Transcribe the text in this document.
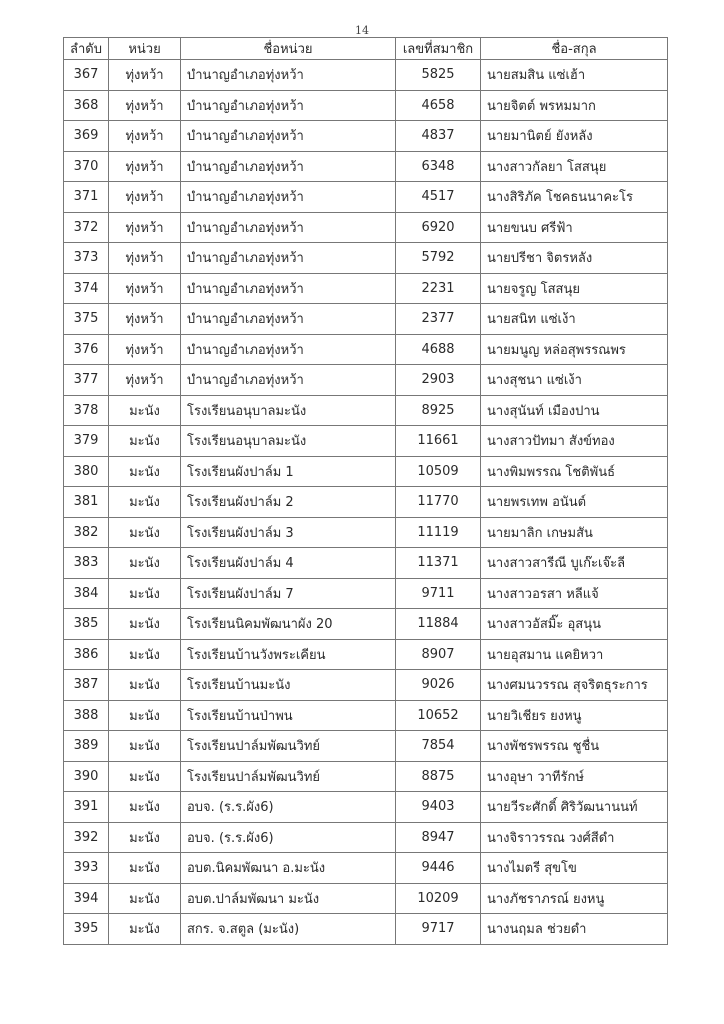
14
ลำดับ	หน่วย	ชื่อหน่วย	เลขที่สมาชิก	ชื่อ-สกุล
367	ทุ่งหว้า	บำนาญอำเภอทุ่งหว้า	5825	นายสมสิน แซ่เฮ้า
368	ทุ่งหว้า	บำนาญอำเภอทุ่งหว้า	4658	นายจิตต์ พรหมมาก
369	ทุ่งหว้า	บำนาญอำเภอทุ่งหว้า	4837	นายมานิตย์ ยังหลัง
370	ทุ่งหว้า	บำนาญอำเภอทุ่งหว้า	6348	นางสาวกัลยา โสสนุย
371	ทุ่งหว้า	บำนาญอำเภอทุ่งหว้า	4517	นางสิริภัค โชคธนนาคะโร
372	ทุ่งหว้า	บำนาญอำเภอทุ่งหว้า	6920	นายขนบ ศรีฟ้า
373	ทุ่งหว้า	บำนาญอำเภอทุ่งหว้า	5792	นายปรีชา จิตรหลัง
374	ทุ่งหว้า	บำนาญอำเภอทุ่งหว้า	2231	นายจรูญ โสสนุย
375	ทุ่งหว้า	บำนาญอำเภอทุ่งหว้า	2377	นายสนิท แซ่เง้า
376	ทุ่งหว้า	บำนาญอำเภอทุ่งหว้า	4688	นายมนูญ หล่อสุพรรณพร
377	ทุ่งหว้า	บำนาญอำเภอทุ่งหว้า	2903	นางสุชนา แซ่เง้า
378	มะนัง	โรงเรียนอนุบาลมะนัง	8925	นางสุนันท์ เมืองปาน
379	มะนัง	โรงเรียนอนุบาลมะนัง	11661	นางสาวปัทมา สังข์ทอง
380	มะนัง	โรงเรียนผังปาล์ม 1	10509	นางพิมพรรณ โชติพันธ์
381	มะนัง	โรงเรียนผังปาล์ม 2	11770	นายพรเทพ อนันต์
382	มะนัง	โรงเรียนผังปาล์ม 3	11119	นายมาลิก เกษมสัน
383	มะนัง	โรงเรียนผังปาล์ม 4	11371	นางสาวสารีณี บูเก๊ะเจ๊ะลี
384	มะนัง	โรงเรียนผังปาล์ม 7	9711	นางสาวอรสา หลีแจ้
385	มะนัง	โรงเรียนนิคมพัฒนาผัง 20	11884	นางสาวอัสมิ๊ะ อุสนุน
386	มะนัง	โรงเรียนบ้านวังพระเคียน	8907	นายอุสมาน แคยิหวา
387	มะนัง	โรงเรียนบ้านมะนัง	9026	นางศมนวรรณ สุจริตธุระการ
388	มะนัง	โรงเรียนบ้านป่าพน	10652	นายวิเชียร ยงหนู
389	มะนัง	โรงเรียนปาล์มพัฒนวิทย์	7854	นางพัชรพรรณ ชูชื่น
390	มะนัง	โรงเรียนปาล์มพัฒนวิทย์	8875	นางอุษา วาทีรักษ์
391	มะนัง	อบจ. (ร.ร.ผัง6)	9403	นายวีระศักดิ์ ศิริวัฒนานนท์
392	มะนัง	อบจ. (ร.ร.ผัง6)	8947	นางจิราวรรณ วงศ์สีดำ
393	มะนัง	อบต.นิคมพัฒนา อ.มะนัง	9446	นางไมตรี สุขโข
394	มะนัง	อบต.ปาล์มพัฒนา มะนัง	10209	นางภัชราภรณ์ ยงหนู
395	มะนัง	สกร. จ.สตูล (มะนัง)	9717	นางนฤมล ช่วยดำ
